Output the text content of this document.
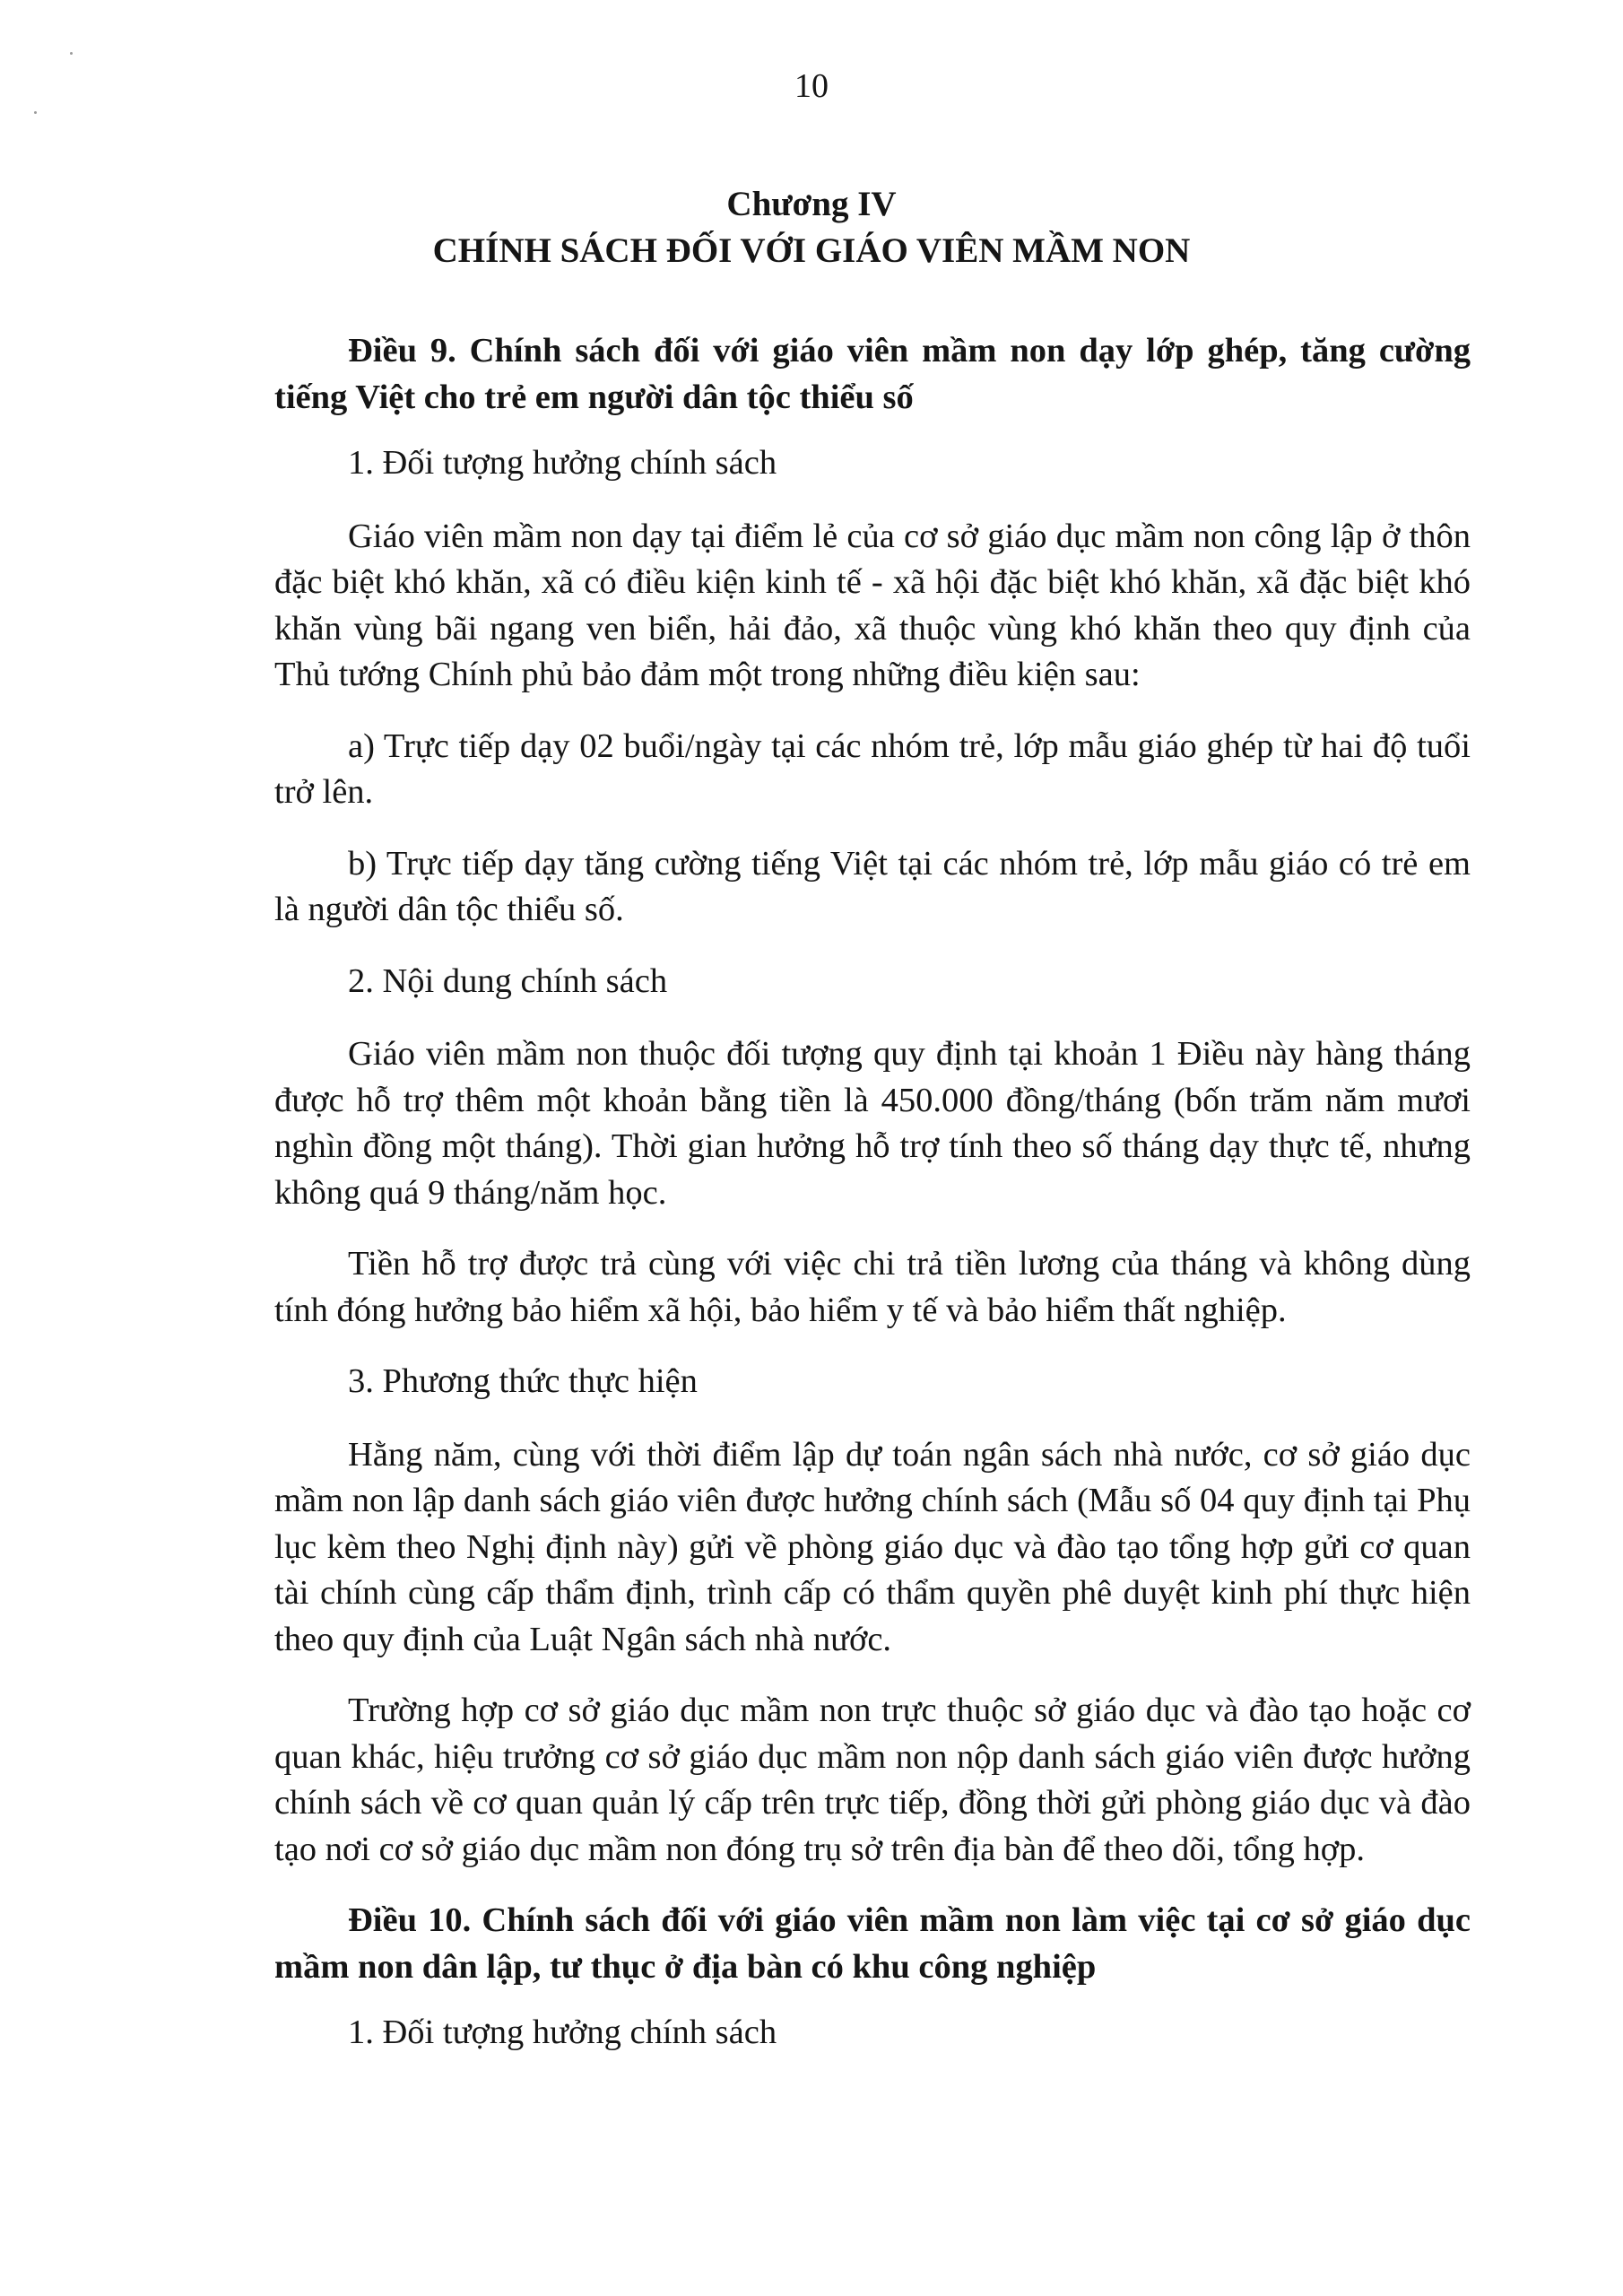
10
Chương IV
CHÍNH SÁCH ĐỐI VỚI GIÁO VIÊN MẦM NON

Điều 9. Chính sách đối với giáo viên mầm non dạy lớp ghép, tăng cường tiếng Việt cho trẻ em người dân tộc thiểu số

1. Đối tượng hưởng chính sách

Giáo viên mầm non dạy tại điểm lẻ của cơ sở giáo dục mầm non công lập ở thôn đặc biệt khó khăn, xã có điều kiện kinh tế - xã hội đặc biệt khó khăn, xã đặc biệt khó khăn vùng bãi ngang ven biển, hải đảo, xã thuộc vùng khó khăn theo quy định của Thủ tướng Chính phủ bảo đảm một trong những điều kiện sau:

a) Trực tiếp dạy 02 buổi/ngày tại các nhóm trẻ, lớp mẫu giáo ghép từ hai độ tuổi trở lên.

b) Trực tiếp dạy tăng cường tiếng Việt tại các nhóm trẻ, lớp mẫu giáo có trẻ em là người dân tộc thiểu số.

2. Nội dung chính sách

Giáo viên mầm non thuộc đối tượng quy định tại khoản 1 Điều này hàng tháng được hỗ trợ thêm một khoản bằng tiền là 450.000 đồng/tháng (bốn trăm năm mươi nghìn đồng một tháng). Thời gian hưởng hỗ trợ tính theo số tháng dạy thực tế, nhưng không quá 9 tháng/năm học.

Tiền hỗ trợ được trả cùng với việc chi trả tiền lương của tháng và không dùng tính đóng hưởng bảo hiểm xã hội, bảo hiểm y tế và bảo hiểm thất nghiệp.

3. Phương thức thực hiện

Hằng năm, cùng với thời điểm lập dự toán ngân sách nhà nước, cơ sở giáo dục mầm non lập danh sách giáo viên được hưởng chính sách (Mẫu số 04 quy định tại Phụ lục kèm theo Nghị định này) gửi về phòng giáo dục và đào tạo tổng hợp gửi cơ quan tài chính cùng cấp thẩm định, trình cấp có thẩm quyền phê duyệt kinh phí thực hiện theo quy định của Luật Ngân sách nhà nước.

Trường hợp cơ sở giáo dục mầm non trực thuộc sở giáo dục và đào tạo hoặc cơ quan khác, hiệu trưởng cơ sở giáo dục mầm non nộp danh sách giáo viên được hưởng chính sách về cơ quan quản lý cấp trên trực tiếp, đồng thời gửi phòng giáo dục và đào tạo nơi cơ sở giáo dục mầm non đóng trụ sở trên địa bàn để theo dõi, tổng hợp.

Điều 10. Chính sách đối với giáo viên mầm non làm việc tại cơ sở giáo dục mầm non dân lập, tư thục ở địa bàn có khu công nghiệp

1. Đối tượng hưởng chính sách
